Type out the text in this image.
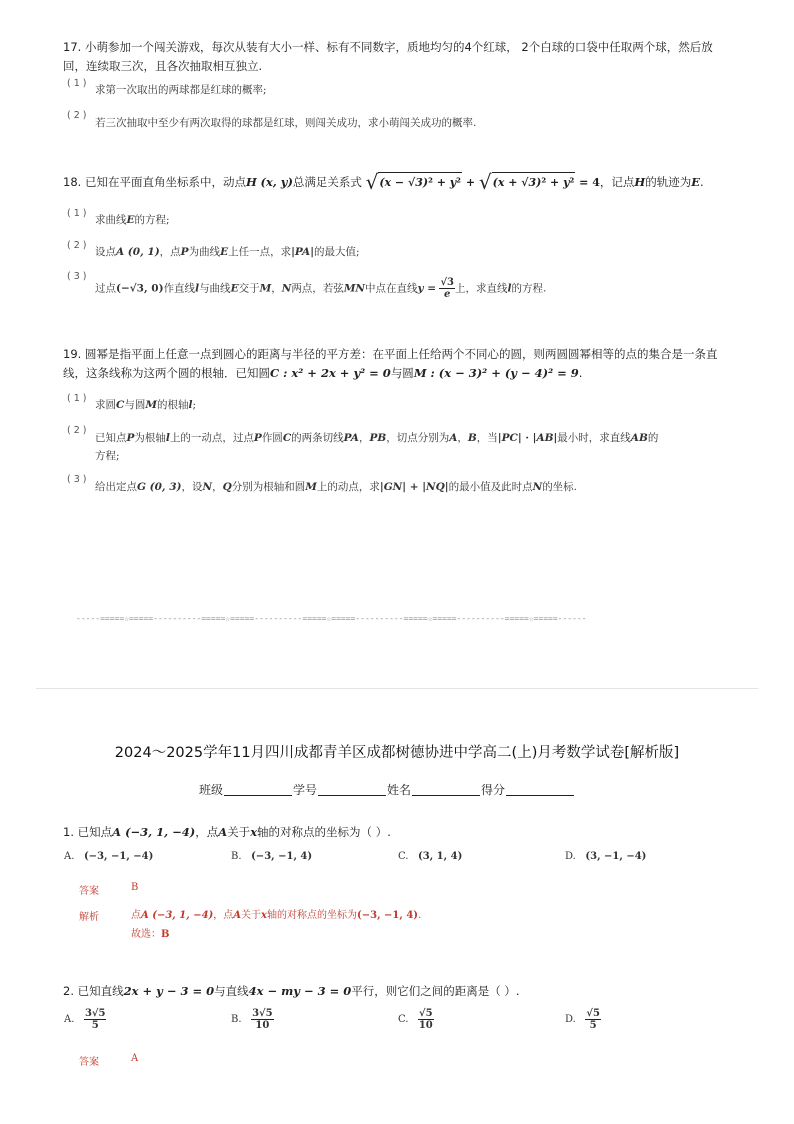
17. 小萌参加一个闯关游戏，每次从装有大小一样、标有不同数字，质地均匀的4个红球， 2个白球的口袋中任取两个球，然后放
回，连续取三次，且各次抽取相互独立.
( 1 )
求第一次取出的两球都是红球的概率;
( 2 )
若三次抽取中至少有两次取得的球都是红球，则闯关成功，求小萌闯关成功的概率.
18. 已知在平面直角坐标系中，动点H (x, y)总满足关系式 √(x − √3)² + y² + √(x + √3)² + y² = 4，记点H的轨迹为E.
( 1 )
求曲线E的方程;
( 2 )
设点A (0, 1)，点P为曲线E上任一点，求|PA|的最大值;
( 3 )
过点(−√3, 0)作直线l与曲线E交于M，N两点，若弦MN中点在直线$y = \frac{√3}{e}$ 上，求直线l的方程.
19. 圆幂是指平面上任意一点到圆心的距离与半径的平方差：在平面上任给两个不同心的圆，则两圆圆幂相等的点的集合是一条直
线，这条线称为这两个圆的根轴．已知圆C : x² + 2x + y² = 0与圆M : (x − 3)² + (y − 4)² = 9.
( 1 )
求圆C与圆M的根轴l;
( 2 )
已知点P为根轴l上的一动点，过点P作圆C的两条切线PA，PB，切点分别为A，B，当|PC| · |AB|最小时，求直线AB的
方程;
( 3 )
给出定点G (0, 3)，设N，Q分别为根轴和圆M上的动点，求|GN| + |NQ|的最小值及此时点N的坐标.
-----=====☆=====----------=====☆=====----------=====☆=====----------=====☆=====----------=====☆=====------
2024～2025学年11月四川成都青羊区成都树德协进中学高二(上)月考数学试卷[解析版]
班级	学号	姓名	得分
1. 已知点A (−3, 1, −4)，点A关于x轴的对称点的坐标为（ ）.
A. (−3, −1, −4)	B. (−3, −1, 4)	C. (3, 1, 4)	D. (3, −1, −4)
答案	B
解析	点A (−3, 1, −4)，点A关于x轴的对称点的坐标为(−3, −1, 4).
故选：B
2. 已知直线2x + y − 3 = 0与直线4x − my − 3 = 0平行，则它们之间的距离是（ ）.
A. $\frac{3√5}{5}$	B. $\frac{3√5}{10}$	C. $\frac{√5}{10}$	D. $\frac{√5}{5}$
答案	A
